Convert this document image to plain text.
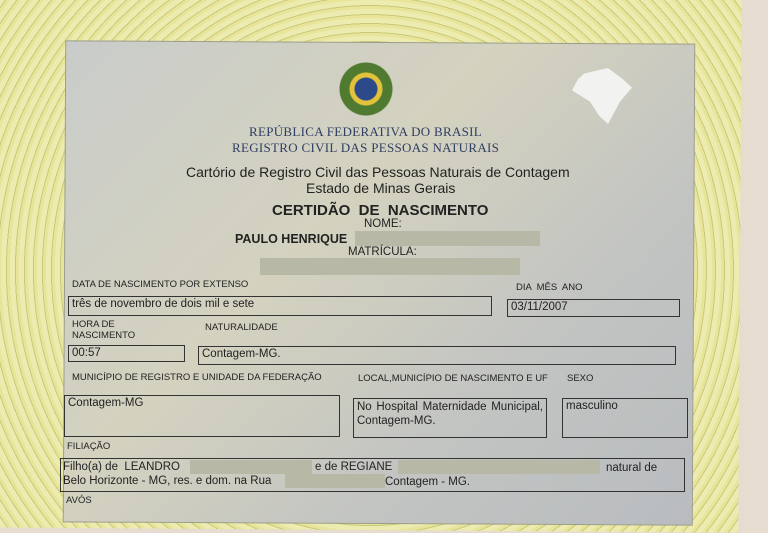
REPÚBLICA FEDERATIVA DO BRASIL
REGISTRO CIVIL DAS PESSOAS NATURAIS
Cartório de Registro Civil das Pessoas Naturais de Contagem
Estado de Minas Gerais
CERTIDÃO  DE  NASCIMENTO
NOME:
PAULO HENRIQUE
MATRÍCULA:
DATA DE NASCIMENTO POR EXTENSO
três de novembro de dois mil e sete
DIA  MÊS  ANO
03/11/2007
HORA DE NASCIMENTO
00:57
NATURALIDADE
Contagem-MG.
MUNICÍPIO DE REGISTRO E UNIDADE DA FEDERAÇÃO
Contagem-MG
LOCAL,MUNICÍPIO DE NASCIMENTO E UF
No Hospital Maternidade Municipal, Contagem-MG.
SEXO
masculino
FILIAÇÃO
Filho(a) de  LEANDRO	e de REGIANE	natural de
Belo Horizonte - MG, res. e dom. na Rua	Contagem - MG.
AVÓS
